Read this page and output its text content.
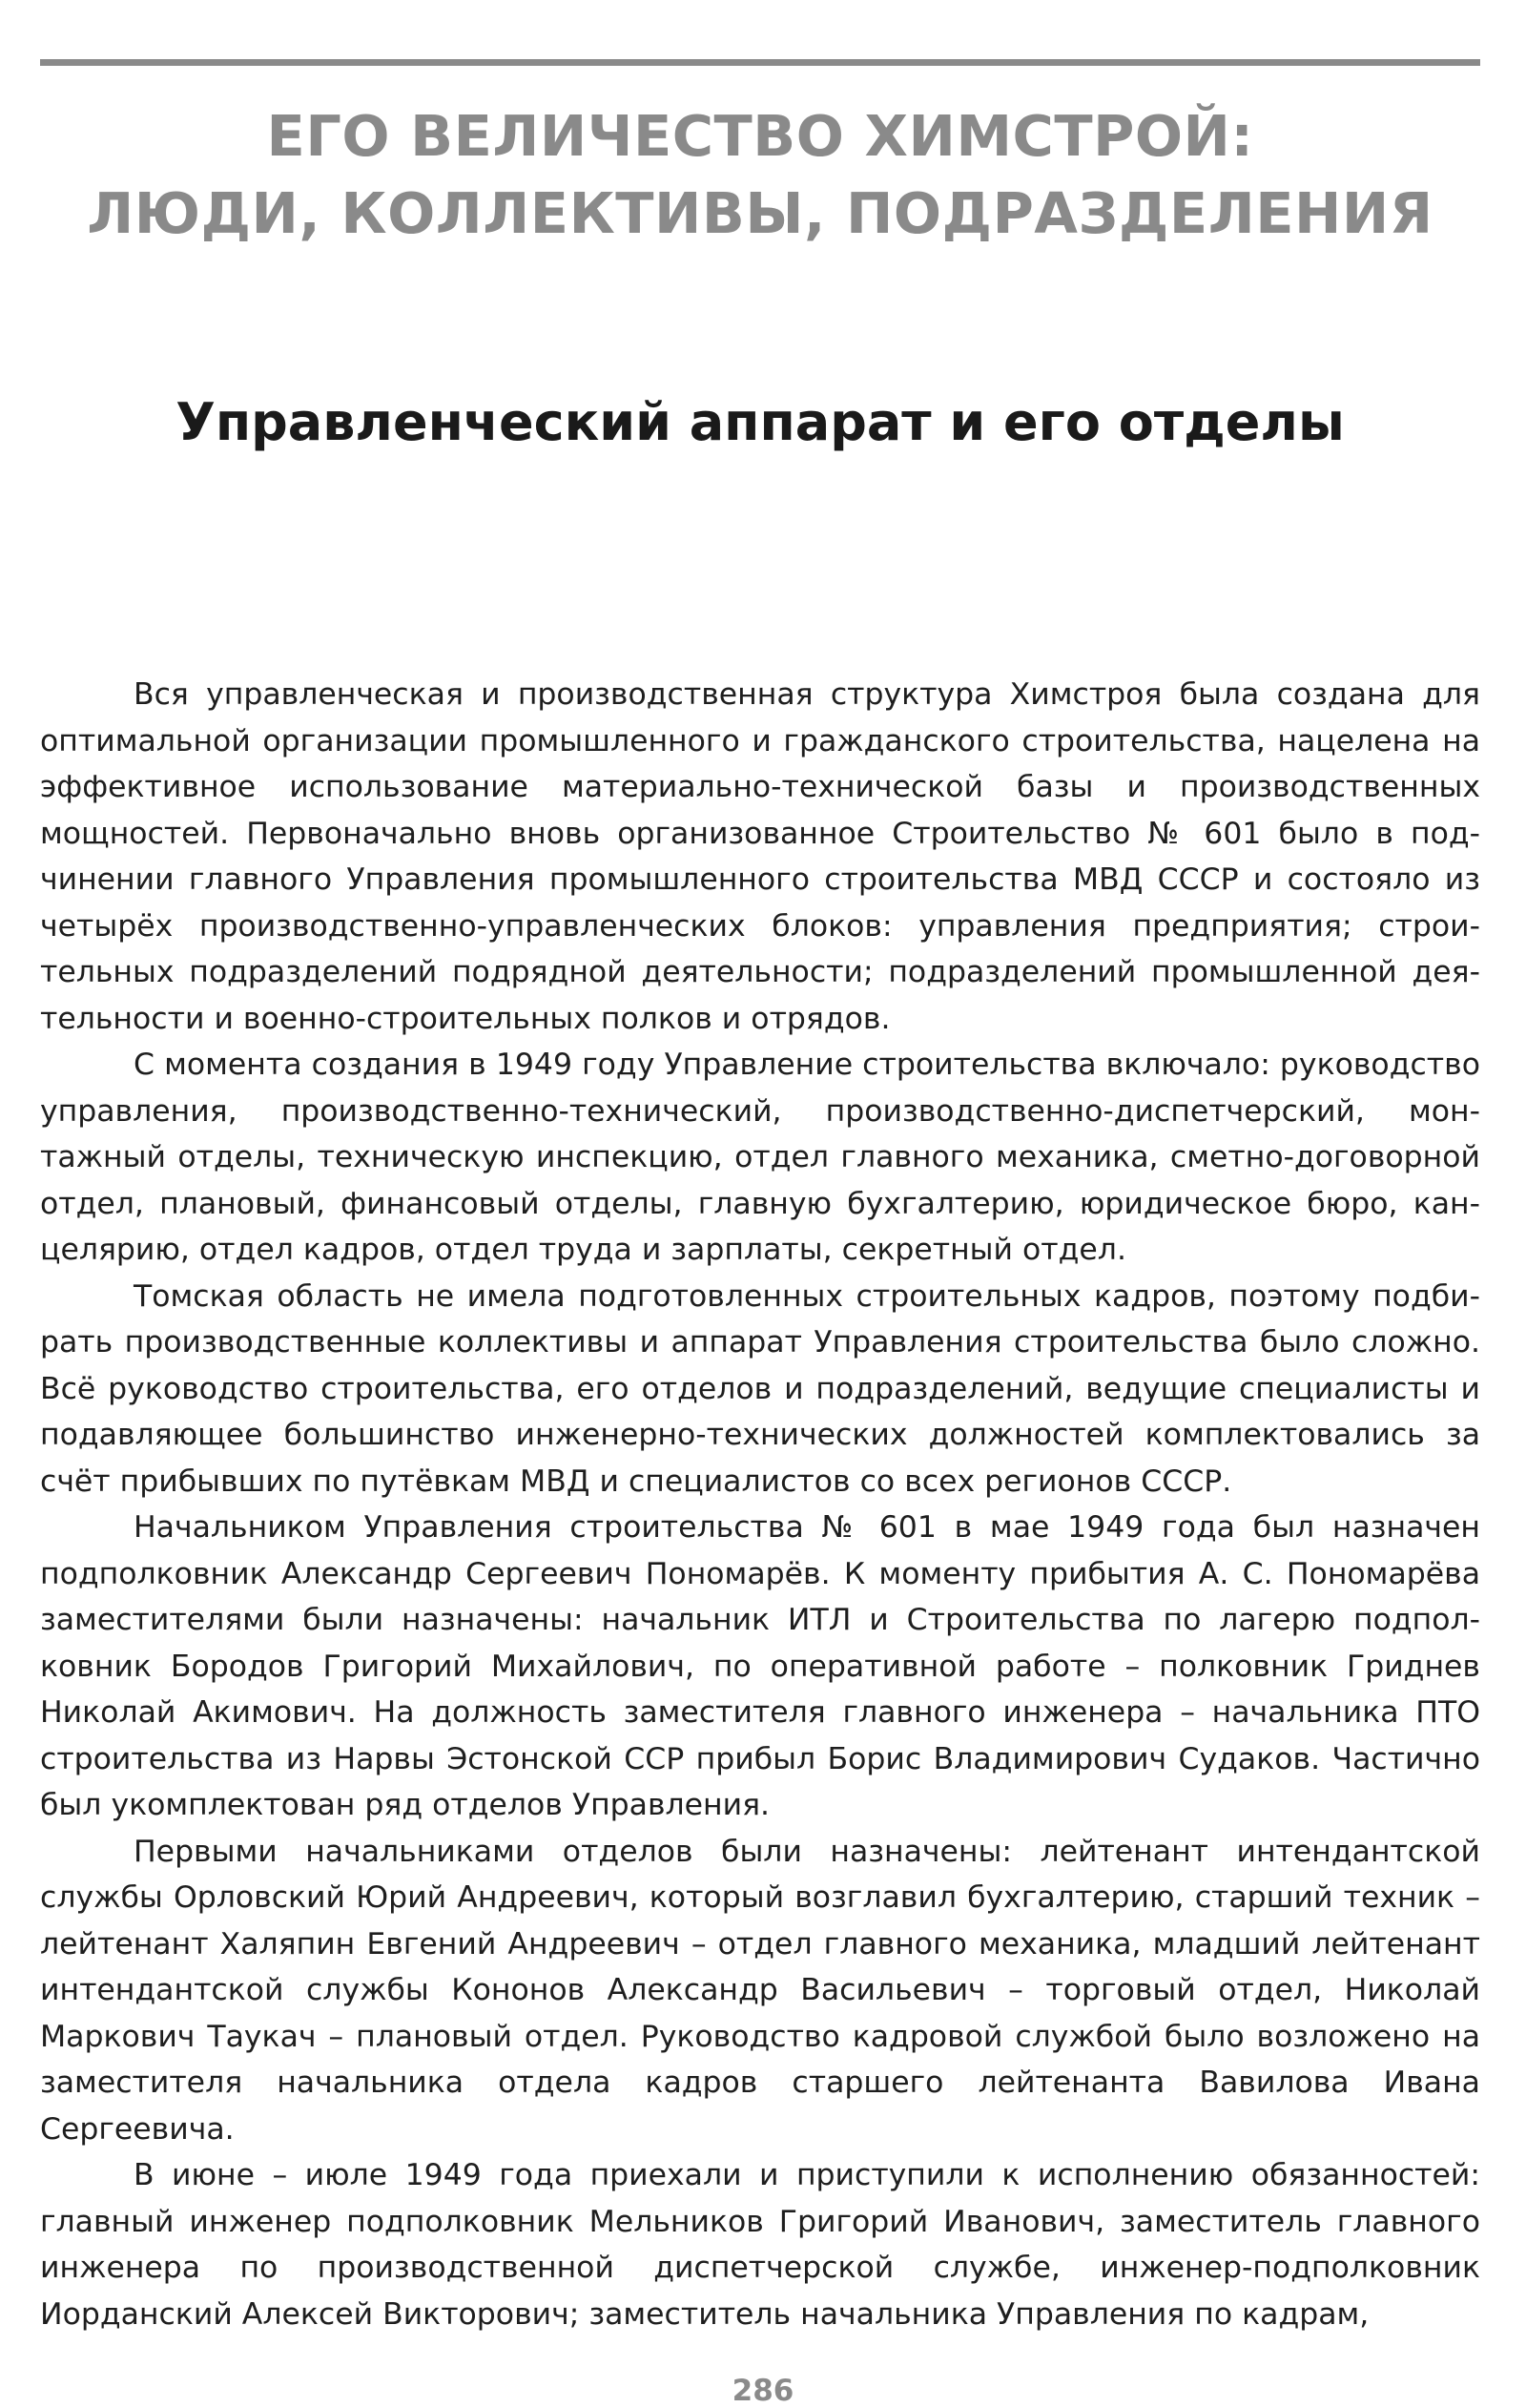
ЕГО ВЕЛИЧЕСТВО ХИМСТРОЙ:
ЛЮДИ, КОЛЛЕКТИВЫ, ПОДРАЗДЕЛЕНИЯ
Управленческий аппарат и его отделы

Вся управленческая и производственная структура Химстроя была создана для оптимальной организации промышленного и гражданского строительства, нацелена на эффективное использование материально-технической базы и производственных мощностей. Первоначально вновь организованное Строительство № 601 было в подчинении главного Управления промышленного строительства МВД СССР и состояло из четырёх производственно-управленческих блоков: управления предприятия; строительных подразделений подрядной деятельности; подразделений промышленной деятельности и военно-строительных полков и отрядов.

С момента создания в 1949 году Управление строительства включало: руководство управления, производственно-технический, производственно-диспетчерский, монтажный отделы, техническую инспекцию, отдел главного механика, сметно-договорной отдел, плановый, финансовый отделы, главную бухгалтерию, юридическое бюро, канцелярию, отдел кадров, отдел труда и зарплаты, секретный отдел.

Томская область не имела подготовленных строительных кадров, поэтому подбирать производственные коллективы и аппарат Управления строительства было сложно. Всё руководство строительства, его отделов и подразделений, ведущие специалисты и подавляющее большинство инженерно-технических должностей комплектовались за счёт прибывших по путёвкам МВД и специалистов со всех регионов СССР.

Начальником Управления строительства № 601 в мае 1949 года был назначен подполковник Александр Сергеевич Пономарёв. К моменту прибытия А. С. Пономарёва заместителями были назначены: начальник ИТЛ и Строительства по лагерю подполковник Бородов Григорий Михайлович, по оперативной работе – полковник Гриднев Николай Акимович. На должность заместителя главного инженера – начальника ПТО строительства из Нарвы Эстонской ССР прибыл Борис Владимирович Судаков. Частично был укомплектован ряд отделов Управления.

Первыми начальниками отделов были назначены: лейтенант интендантской службы Орловский Юрий Андреевич, который возглавил бухгалтерию, старший техник – лейтенант Халяпин Евгений Андреевич – отдел главного механика, младший лейтенант интендантской службы Кононов Александр Васильевич – торговый отдел, Николай Маркович Таукач – плановый отдел. Руководство кадровой службой было возложено на заместителя начальника отдела кадров старшего лейтенанта Вавилова Ивана Сергеевича.

В июне – июле 1949 года приехали и приступили к исполнению обязанностей: главный инженер подполковник Мельников Григорий Иванович, заместитель главного инженера по производственной диспетчерской службе, инженер-подполковник Иорданский Алексей Викторович; заместитель начальника Управления по кадрам,

286
